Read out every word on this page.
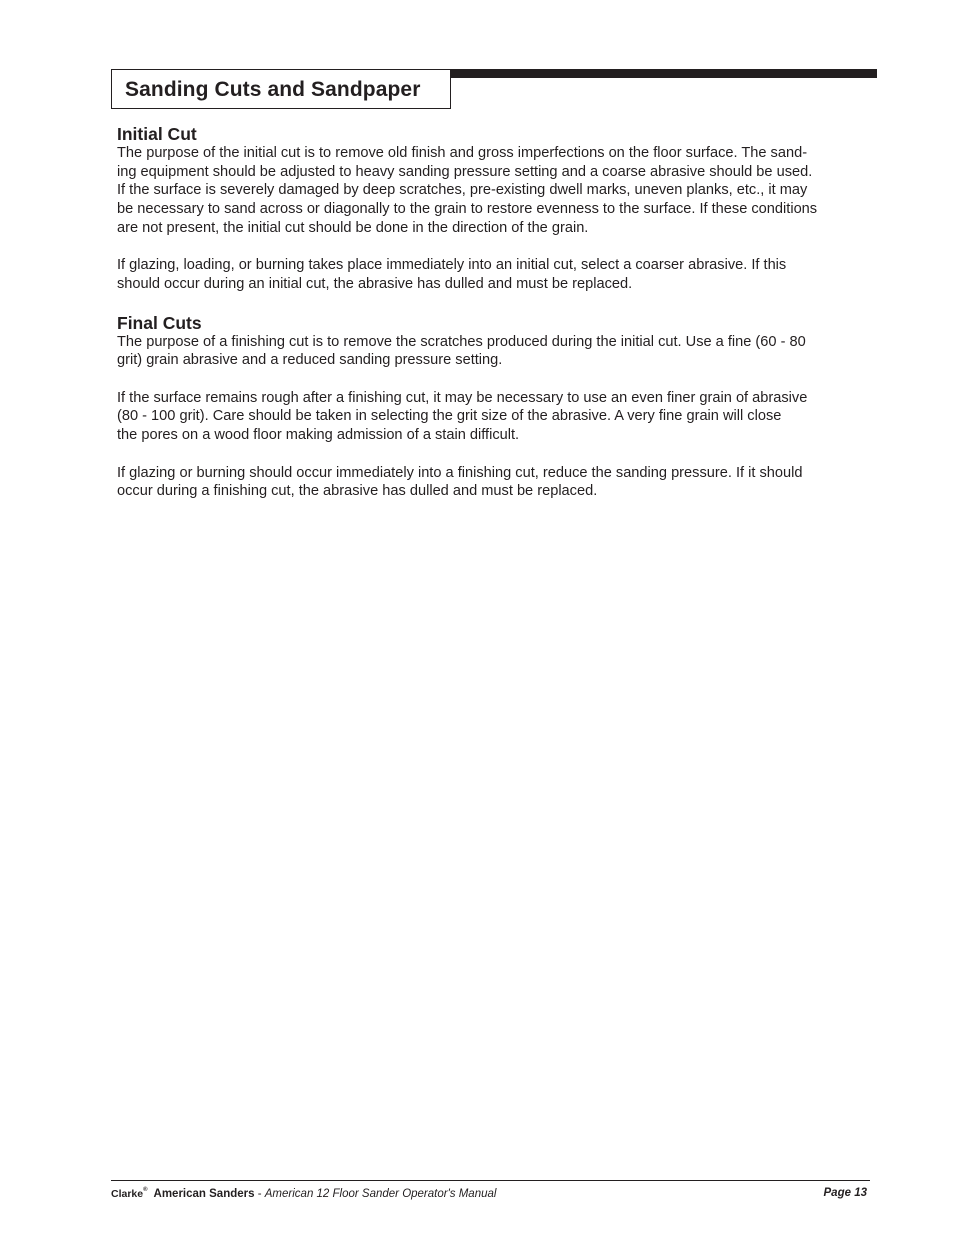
Sanding Cuts and Sandpaper
Initial Cut

The purpose of the initial cut is to remove old finish and gross imperfections on the floor surface. The sand-
ing equipment should be adjusted to heavy sanding pressure setting and a coarse abrasive should be used.
If the surface is severely damaged by deep scratches, pre-existing dwell marks, uneven planks, etc., it may
be necessary to sand across or diagonally to the grain to restore evenness to the surface. If these conditions
are not present, the initial cut should be done in the direction of the grain.

If glazing, loading, or burning takes place immediately into an initial cut, select a coarser abrasive. If this
should occur during an initial cut, the abrasive has dulled and must be replaced.

Final Cuts

The purpose of a finishing cut is to remove the scratches produced during the initial cut. Use a fine (60 - 80
grit) grain abrasive and a reduced sanding pressure setting.

If the surface remains rough after a finishing cut, it may be necessary to use an even finer grain of abrasive
(80 - 100 grit). Care should be taken in selecting the grit size of the abrasive. A very fine grain will close
the pores on a wood floor making admission of a stain difficult.

If glazing or burning should occur immediately into a finishing cut, reduce the sanding pressure. If it should
occur during a finishing cut, the abrasive has dulled and must be replaced.

Clarke® American Sanders - American 12 Floor Sander Operator's Manual	Page 13
